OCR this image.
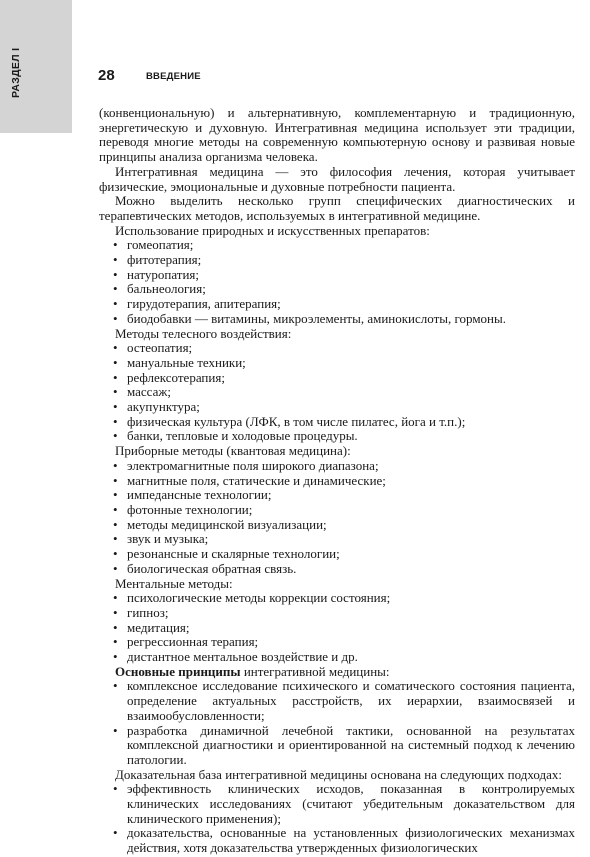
РАЗДЕЛ I	28	ВВЕДЕНИЕ

(конвенциональную) и альтернативную, комплементарную и традиционную, энергетическую и духовную. Интегративная медицина использует эти традиции, переводя многие методы на современную компьютерную основу и развивая новые принципы анализа организма человека.

Интегративная медицина — это философия лечения, которая учитывает физические, эмоциональные и духовные потребности пациента.

Можно выделить несколько групп специфических диагностических и терапевтических методов, используемых в интегративной медицине.

Использование природных и искусственных препаратов:

• гомеопатия;
• фитотерапия;
• натуропатия;
• бальнеология;
• гирудотерапия, апитерапия;
• биодобавки — витамины, микроэлементы, аминокислоты, гормоны.

Методы телесного воздействия:

• остеопатия;
• мануальные техники;
• рефлексотерапия;
• массаж;
• акупунктура;
• физическая культура (ЛФК, в том числе пилатес, йога и т.п.);
• банки, тепловые и холодовые процедуры.

Приборные методы (квантовая медицина):

• электромагнитные поля широкого диапазона;
• магнитные поля, статические и динамические;
• импедансные технологии;
• фотонные технологии;
• методы медицинской визуализации;
• звук и музыка;
• резонансные и скалярные технологии;
• биологическая обратная связь.

Ментальные методы:

• психологические методы коррекции состояния;
• гипноз;
• медитация;
• регрессионная терапия;
• дистантное ментальное воздействие и др.

Основные принципы интегративной медицины:

• комплексное исследование психического и соматического состояния пациента, определение актуальных расстройств, их иерархии, взаимосвязей и взаимообусловленности;
• разработка динамичной лечебной тактики, основанной на результатах комплексной диагностики и ориентированной на системный подход к лечению патологии.

Доказательная база интегративной медицины основана на следующих подходах:

• эффективность клинических исходов, показанная в контролируемых клинических исследованиях (считают убедительным доказательством для клинического применения);
• доказательства, основанные на установленных физиологических механизмах действия, хотя доказательства утвержденных физиологических
